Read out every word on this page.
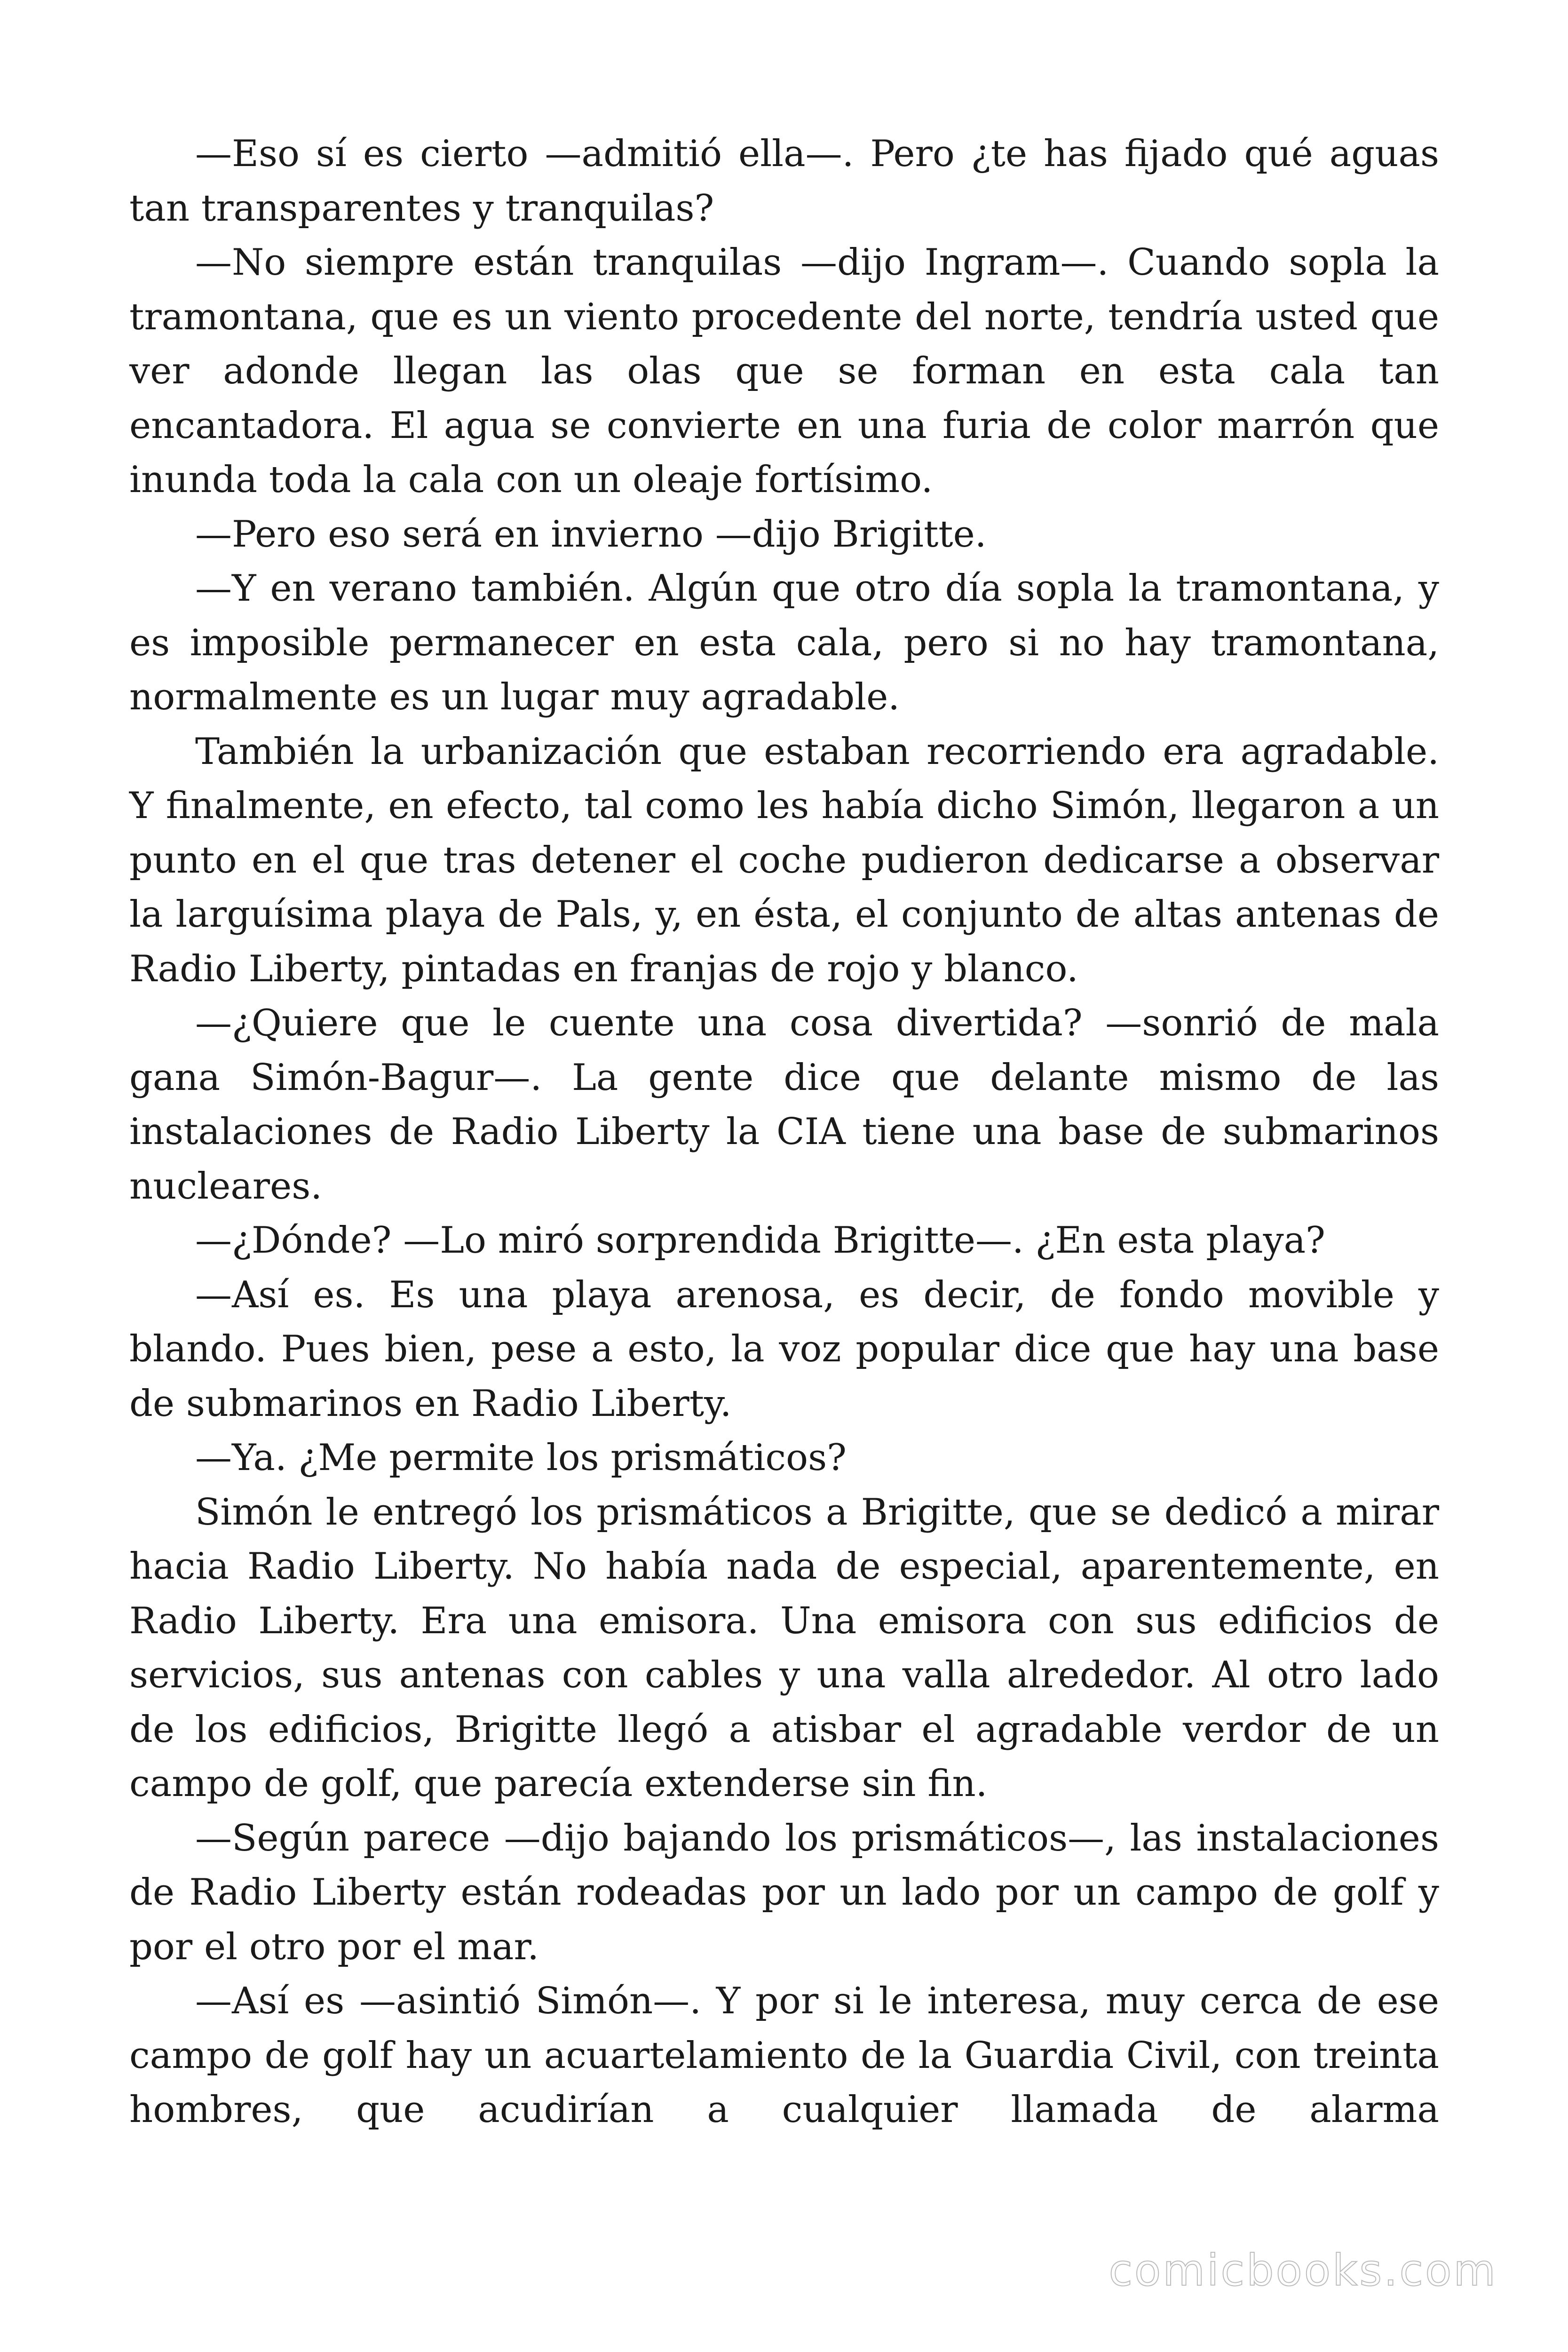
—Eso sí es cierto —admitió ella—. Pero ¿te has fijado qué aguas tan transparentes y tranquilas?

—No siempre están tranquilas —dijo Ingram—. Cuando sopla la tramontana, que es un viento procedente del norte, tendría usted que ver adonde llegan las olas que se forman en esta cala tan encantadora. El agua se convierte en una furia de color marrón que inunda toda la cala con un oleaje fortísimo.

—Pero eso será en invierno —dijo Brigitte.

—Y en verano también. Algún que otro día sopla la tramontana, y es imposible permanecer en esta cala, pero si no hay tramontana, normalmente es un lugar muy agradable.

También la urbanización que estaban recorriendo era agradable. Y finalmente, en efecto, tal como les había dicho Simón, llegaron a un punto en el que tras detener el coche pudieron dedicarse a observar la larguísima playa de Pals, y, en ésta, el conjunto de altas antenas de Radio Liberty, pintadas en franjas de rojo y blanco.

—¿Quiere que le cuente una cosa divertida? —sonrió de mala gana Simón-Bagur—. La gente dice que delante mismo de las instalaciones de Radio Liberty la CIA tiene una base de submarinos nucleares.

—¿Dónde? —Lo miró sorprendida Brigitte—. ¿En esta playa?

—Así es. Es una playa arenosa, es decir, de fondo movible y blando. Pues bien, pese a esto, la voz popular dice que hay una base de submarinos en Radio Liberty.

—Ya. ¿Me permite los prismáticos?

Simón le entregó los prismáticos a Brigitte, que se dedicó a mirar hacia Radio Liberty. No había nada de especial, aparentemente, en Radio Liberty. Era una emisora. Una emisora con sus edificios de servicios, sus antenas con cables y una valla alrededor. Al otro lado de los edificios, Brigitte llegó a atisbar el agradable verdor de un campo de golf, que parecía extenderse sin fin.

—Según parece —dijo bajando los prismáticos—, las instalaciones de Radio Liberty están rodeadas por un lado por un campo de golf y por el otro por el mar.

—Así es —asintió Simón—. Y por si le interesa, muy cerca de ese campo de golf hay un acuartelamiento de la Guardia Civil, con treinta hombres, que acudirían a cualquier llamada de alarma

comicbooks.com
